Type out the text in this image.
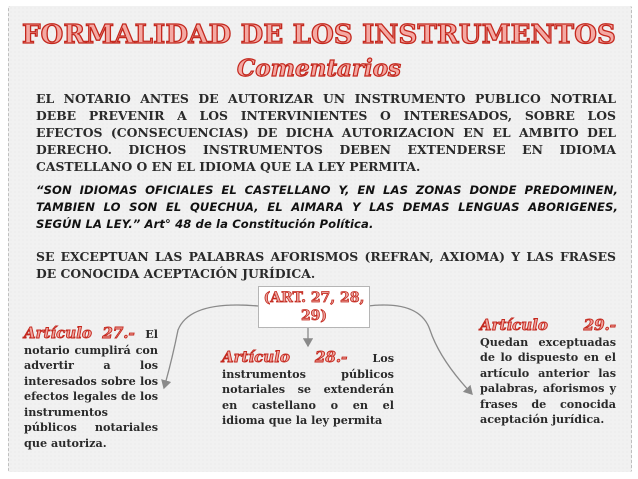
FORMALIDAD DE LOS INSTRUMENTOS
Comentarios
EL NOTARIO ANTES DE AUTORIZAR UN INSTRUMENTO PUBLICO NOTRIAL DEBE PREVENIR A LOS INTERVINIENTES O INTERESADOS, SOBRE LOS EFECTOS (CONSECUENCIAS) DE DICHA AUTORIZACION EN EL AMBITO DEL DERECHO. DICHOS INSTRUMENTOS DEBEN EXTENDERSE EN IDIOMA CASTELLANO O EN EL IDIOMA QUE LA LEY PERMITA.
“SON IDIOMAS OFICIALES EL CASTELLANO Y, EN LAS ZONAS DONDE PREDOMINEN, TAMBIEN LO SON EL QUECHUA, EL AIMARA Y LAS DEMAS LENGUAS ABORIGENES, SEGÚN LA LEY.” Art° 48 de la Constitución Política.
SE EXCEPTUAN LAS PALABRAS AFORISMOS (REFRAN, AXIOMA) Y LAS FRASES DE CONOCIDA ACEPTACIÓN JURÍDICA.
(ART. 27, 28, 29)
Artículo 27.- El notario cumplirá con advertir a los interesados sobre los efectos legales de los instrumentos públicos notariales que autoriza.
Artículo 28.- Los instrumentos públicos notariales se extenderán en castellano o en el idioma que la ley permita
Artículo 29.- Quedan exceptuadas de lo dispuesto en el artículo anterior las palabras, aforismos y frases de conocida aceptación jurídica.
